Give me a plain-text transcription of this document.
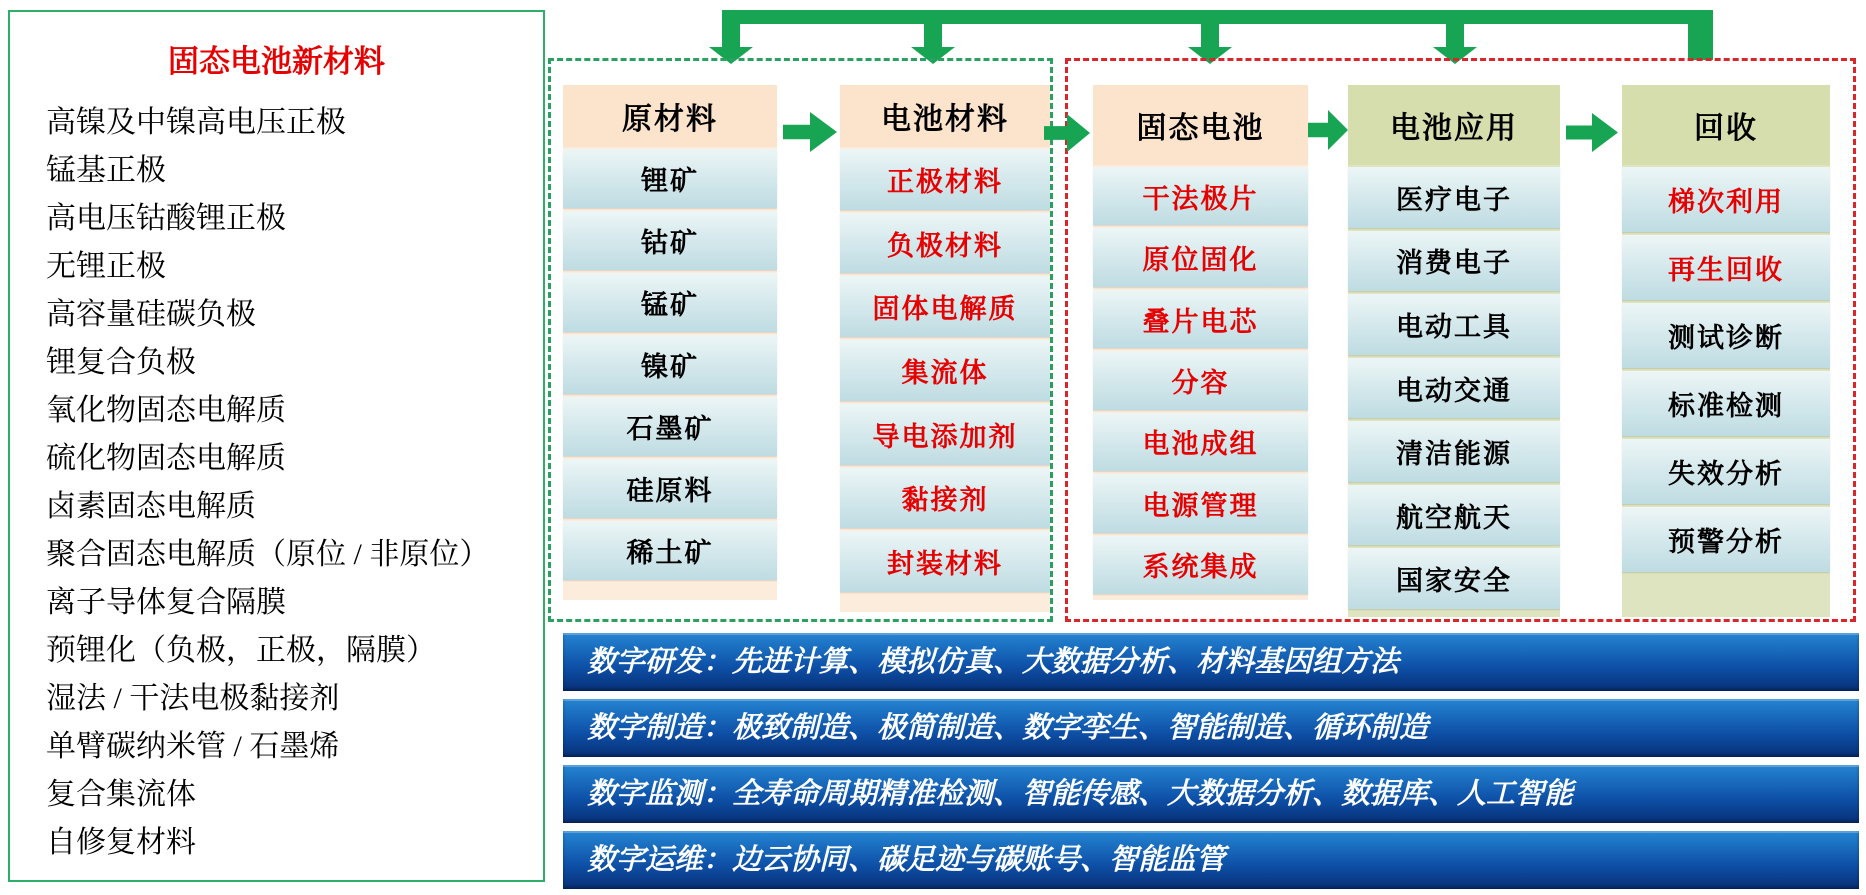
固态电池新材料
高镍及中镍高电压正极
锰基正极
高电压钴酸锂正极
无锂正极
高容量硅碳负极
锂复合负极
氧化物固态电解质
硫化物固态电解质
卤素固态电解质
聚合固态电解质（原位 / 非原位）
离子导体复合隔膜
预锂化（负极，正极，隔膜）
湿法 / 干法电极黏接剂
单臂碳纳米管 / 石墨烯
复合集流体
自修复材料
原材料
锂矿
钴矿
锰矿
镍矿
石墨矿
硅原料
稀土矿
电池材料
正极材料
负极材料
固体电解质
集流体
导电添加剂
黏接剂
封装材料
固态电池
干法极片
原位固化
叠片电芯
分容
电池成组
电源管理
系统集成
电池应用
医疗电子
消费电子
电动工具
电动交通
清洁能源
航空航天
国家安全
回收
梯次利用
再生回收
测试诊断
标准检测
失效分析
预警分析
数字研发：先进计算、模拟仿真、大数据分析、材料基因组方法
数字制造：极致制造、极简制造、数字孪生、智能制造、循环制造
数字监测：全寿命周期精准检测、智能传感、大数据分析、数据库、人工智能
数字运维：边云协同、碳足迹与碳账号、智能监管
